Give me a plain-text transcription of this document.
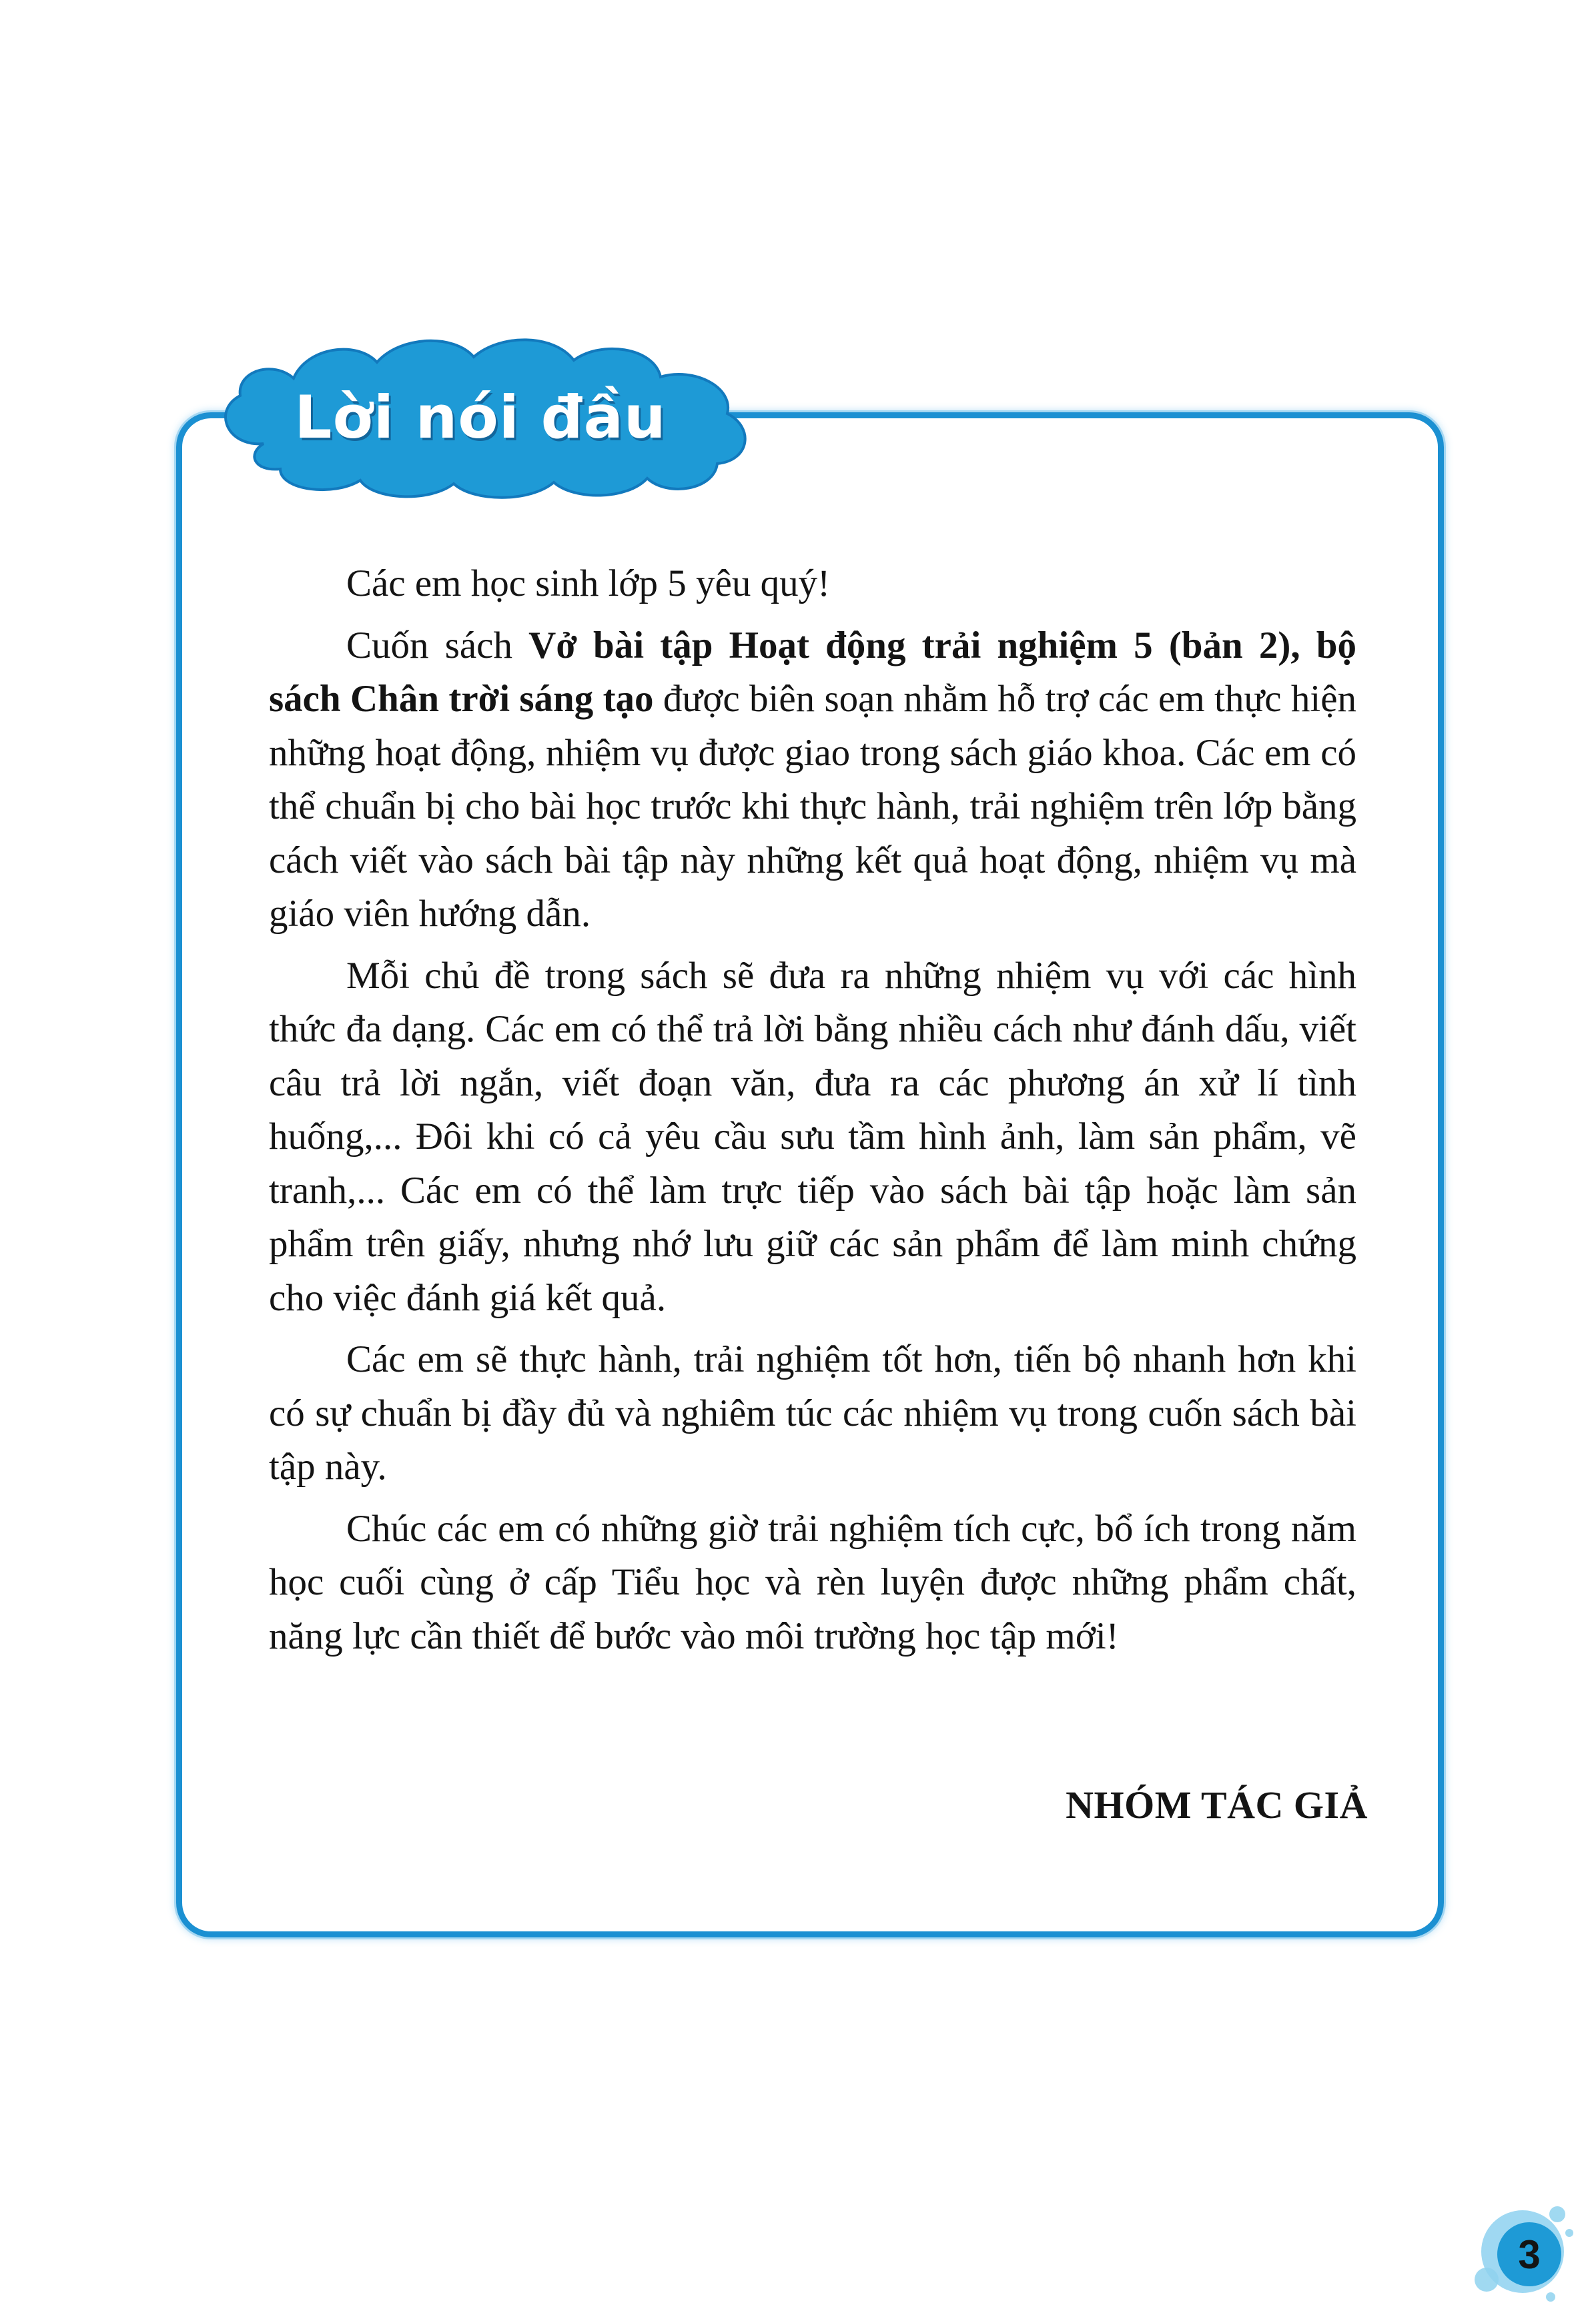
Lời nói đầu

Các em học sinh lớp 5 yêu quý!

Cuốn sách Vở bài tập Hoạt động trải nghiệm 5 (bản 2), bộ sách Chân trời sáng tạo được biên soạn nhằm hỗ trợ các em thực hiện những hoạt động, nhiệm vụ được giao trong sách giáo khoa. Các em có thể chuẩn bị cho bài học trước khi thực hành, trải nghiệm trên lớp bằng cách viết vào sách bài tập này những kết quả hoạt động, nhiệm vụ mà giáo viên hướng dẫn.

Mỗi chủ đề trong sách sẽ đưa ra những nhiệm vụ với các hình thức đa dạng. Các em có thể trả lời bằng nhiều cách như đánh dấu, viết câu trả lời ngắn, viết đoạn văn, đưa ra các phương án xử lí tình huống,... Đôi khi có cả yêu cầu sưu tầm hình ảnh, làm sản phẩm, vẽ tranh,... Các em có thể làm trực tiếp vào sách bài tập hoặc làm sản phẩm trên giấy, nhưng nhớ lưu giữ các sản phẩm để làm minh chứng cho việc đánh giá kết quả.

Các em sẽ thực hành, trải nghiệm tốt hơn, tiến bộ nhanh hơn khi có sự chuẩn bị đầy đủ và nghiêm túc các nhiệm vụ trong cuốn sách bài tập này.

Chúc các em có những giờ trải nghiệm tích cực, bổ ích trong năm học cuối cùng ở cấp Tiểu học và rèn luyện được những phẩm chất, năng lực cần thiết để bước vào môi trường học tập mới!

NHÓM TÁC GIẢ
3
